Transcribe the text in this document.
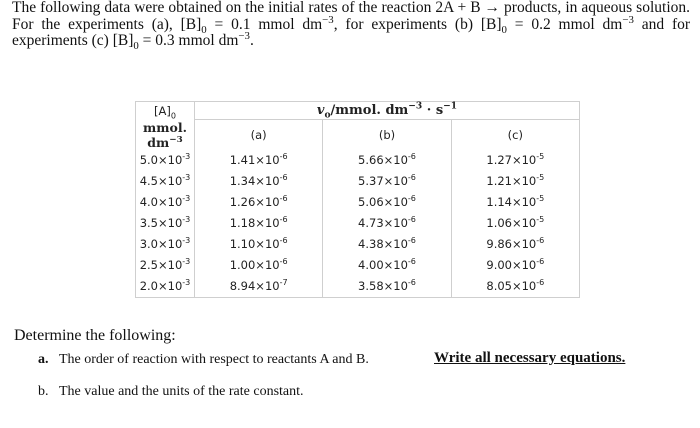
The following data were obtained on the initial rates of the reaction 2A + B → products, in aqueous solution. For the experiments (a), $[B]_0 = 0.1$ mmol $dm^{-3}$, for experiments (b) $[B]_0 = 0.2$ mmol $dm^{-3}$ and for experiments (c) $[B]_0 = 0.3$ mmol $dm^{-3}$.
$[A]_0$	$v_o$/mmol. $dm^{-3} \cdot s^{-1}$
mmol. $dm^{-3}$	(a)	(b)	(c)
$5.0\times 10^{-3}$	$1.41\times 10^{-6}$	$5.66\times 10^{-6}$	$1.27\times 10^{-5}$
$4.5\times 10^{-3}$	$1.34\times 10^{-6}$	$5.37\times 10^{-6}$	$1.21\times 10^{-5}$
$4.0\times 10^{-3}$	$1.26\times 10^{-6}$	$5.06\times 10^{-6}$	$1.14\times 10^{-5}$
$3.5\times 10^{-3}$	$1.18\times 10^{-6}$	$4.73\times 10^{-6}$	$1.06\times 10^{-5}$
$3.0\times 10^{-3}$	$1.10\times 10^{-6}$	$4.38\times 10^{-6}$	$9.86\times 10^{-6}$
$2.5\times 10^{-3}$	$1.00\times 10^{-6}$	$4.00\times 10^{-6}$	$9.00\times 10^{-6}$
$2.0\times 10^{-3}$	$8.94\times 10^{-7}$	$3.58\times 10^{-6}$	$8.05\times 10^{-6}$
Determine the following:
a. The order of reaction with respect to reactants A and B.	Write all necessary equations.
b. The value and the units of the rate constant.
